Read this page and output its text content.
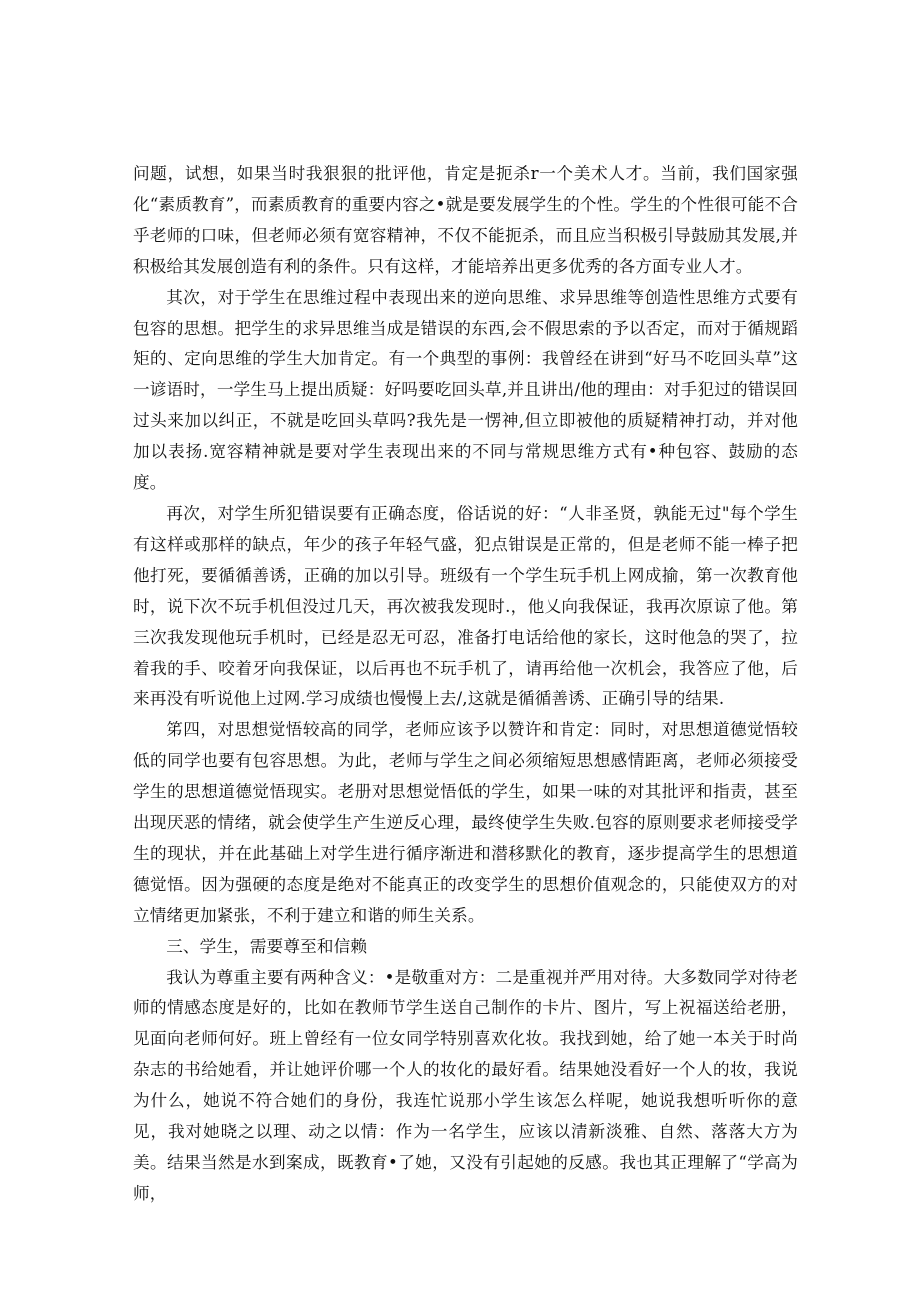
问题，试想，如果当时我狠狠的批评他，肯定是扼杀r一个美术人才。当前，我们国家强化“素质教育”，而素质教育的重要内容之•就是要发展学生的个性。学生的个性很可能不合乎老师的口味，但老师必须有宽容精神，不仅不能扼杀，而且应当积极引导鼓励其发展,并积极给其发展创造有利的条件。只有这样，才能培养出更多优秀的各方面专业人才。

其次，对于学生在思维过程中表现出来的逆向思维、求异思维等创造性思维方式要有包容的思想。把学生的求异思维当成是错误的东西,会不假思索的予以否定，而对于循规蹈矩的、定向思维的学生大加肯定。有一个典型的事例：我曾经在讲到“好马不吃回头草”这一谚语时，一学生马上提出质疑：好吗要吃回头草,并且讲出/他的理由：对手犯过的错误回过头来加以纠正，不就是吃回头草吗?我先是一愣神,但立即被他的质疑精神打动，并对他加以表扬.宽容精神就是要对学生表现出来的不同与常规思维方式有•种包容、鼓励的态度。

再次，对学生所犯错误要有正确态度，俗话说的好：“人非圣贤，孰能无过"每个学生有这样或那样的缺点，年少的孩子年轻气盛，犯点钳误是正常的，但是老师不能一棒子把他打死，要循循善诱，正确的加以引导。班级有一个学生玩手机上网成揄，第一次教育他时，说下次不玩手机但没过几天，再次被我发现时.，他乂向我保证，我再次原谅了他。第三次我发现他玩手机时，已经是忍无可忍，准备打电话给他的家长，这时他急的哭了，拉着我的手、咬着牙向我保证，以后再也不玩手机了，请再给他一次机会，我答应了他，后来再没有听说他上过网.学习成绩也慢慢上去/,这就是循循善诱、正确引导的结果.

笫四，对思想觉悟较高的同学，老师应该予以赞许和肯定：同时，对思想道德觉悟较低的同学也要有包容思想。为此，老师与学生之间必须缩短思想感情距离，老师必须接受学生的思想道德觉悟现实。老册对思想觉悟低的学生，如果一味的对其批评和指责，甚至出现厌恶的情绪，就会使学生产生逆反心理，最终使学生失败.包容的原则要求老师接受学生的现状，并在此基础上对学生进行循序渐进和潜移默化的教育，逐步提高学生的思想道德觉悟。因为强硬的态度是绝对不能真正的改变学生的思想价值观念的，只能使双方的对立情绪更加紧张，不利于建立和谐的师生关系。

三、学生，需要尊至和信赖

我认为尊重主要有两种含义：•是敬重对方：二是重视并严用对待。大多数同学对待老师的情感态度是好的，比如在教师节学生送自己制作的卡片、图片，写上祝福送给老册，见面向老师何好。班上曾经有一位女同学特别喜欢化妆。我找到她，给了她一本关于时尚杂志的书给她看，并让她评价哪一个人的妆化的最好看。结果她没看好一个人的妆，我说为什么，她说不符合她们的身份，我连忙说那小学生该怎么样呢，她说我想听听你的意见，我对她晓之以理、动之以情：作为一名学生，应该以清新淡雅、自然、落落大方为美。结果当然是水到案成，既教育•了她，又没有引起她的反感。我也其正理解了“学高为师，
